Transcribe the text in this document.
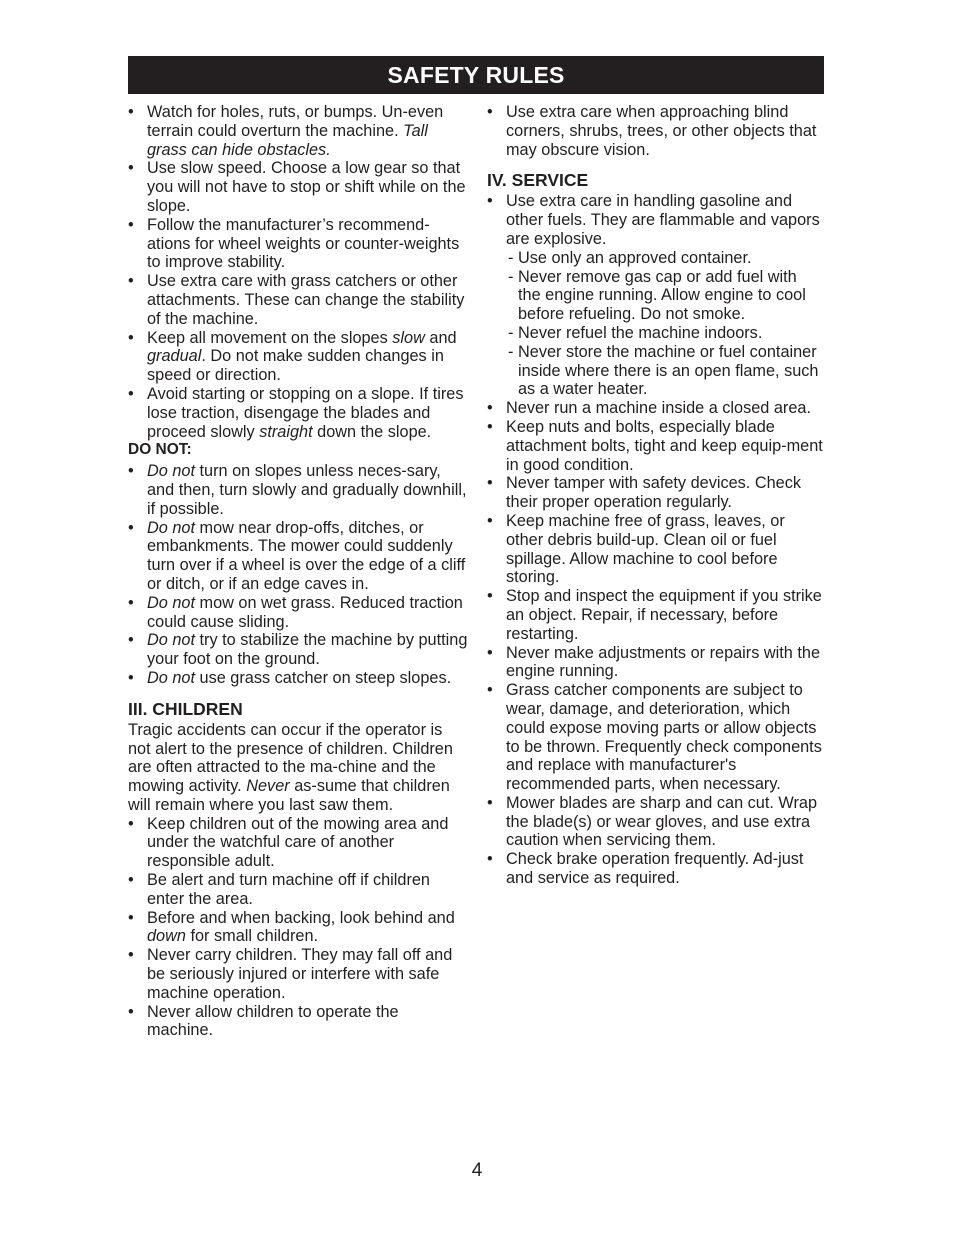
SAFETY RULES
• Watch for holes, ruts, or bumps. Un-even terrain could overturn the machine. Tall grass can hide obstacles.
• Use slow speed. Choose a low gear so that you will not have to stop or shift while on the slope.
• Follow the manufacturer’s recommend-ations for wheel weights or counter-weights to improve stability.
• Use extra care with grass catchers or other attachments. These can change the stability of the machine.
• Keep all movement on the slopes slow and gradual. Do not make sudden changes in speed or direction.
• Avoid starting or stopping on a slope. If tires lose traction, disengage the blades and proceed slowly straight down the slope.
DO NOT:
• Do not turn on slopes unless neces-sary, and then, turn slowly and gradually downhill, if possible.
• Do not mow near drop-offs, ditches, or embankments. The mower could suddenly turn over if a wheel is over the edge of a cliff or ditch, or if an edge caves in.
• Do not mow on wet grass. Reduced traction could cause sliding.
• Do not try to stabilize the machine by putting your foot on the ground.
• Do not use grass catcher on steep slopes.
III. CHILDREN

Tragic accidents can occur if the operator is not alert to the presence of children. Children are often attracted to the ma-chine and the mowing activity. Never as-sume that children will remain where you last saw them.

• Keep children out of the mowing area and under the watchful care of another responsible adult.
• Be alert and turn machine off if children enter the area.
• Before and when backing, look behind and down for small children.
• Never carry children. They may fall off and be seriously injured or interfere with safe machine operation.
• Never allow children to operate the machine.
• Use extra care when approaching blind corners, shrubs, trees, or other objects that may obscure vision.
IV. SERVICE
• Use extra care in handling gasoline and other fuels. They are flammable and vapors are explosive.
- Use only an approved container.
- Never remove gas cap or add fuel with the engine running. Allow engine to cool before refueling. Do not smoke.
- Never refuel the machine indoors.
- Never store the machine or fuel container inside where there is an open flame, such as a water heater.
• Never run a machine inside a closed area.
• Keep nuts and bolts, especially blade attachment bolts, tight and keep equip-ment in good condition.
• Never tamper with safety devices. Check their proper operation regularly.
• Keep machine free of grass, leaves, or other debris build-up. Clean oil or fuel spillage. Allow machine to cool before storing.
• Stop and inspect the equipment if you strike an object. Repair, if necessary, before restarting.
• Never make adjustments or repairs with the engine running.
• Grass catcher components are subject to wear, damage, and deterioration, which could expose moving parts or allow objects to be thrown. Frequently check components and replace with manufacturer's recommended parts, when necessary.
• Mower blades are sharp and can cut. Wrap the blade(s) or wear gloves, and use extra caution when servicing them.
• Check brake operation frequently. Ad-just and service as required.
4
